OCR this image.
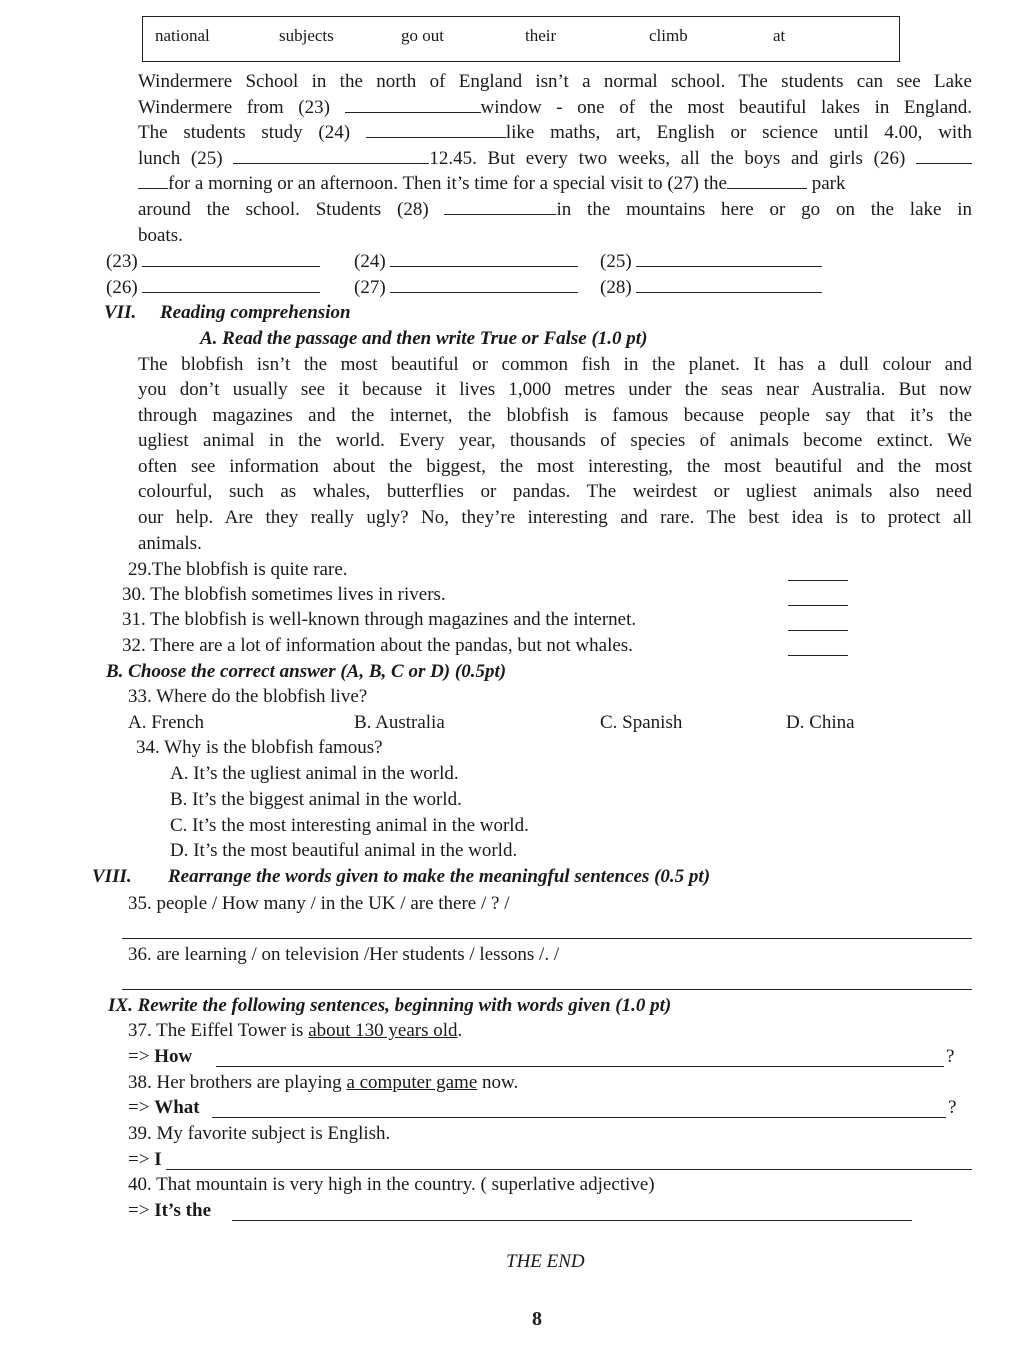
national	subjects	go out	their	climb	at
Windermere School in the north of England isn’t a normal school. The students can see Lake
Windermere from (23)	window - one of the most beautiful lakes in England.
The students study (24)	like maths, art, English or science until 4.00, with
lunch (25)	12.45. But every two weeks, all the boys and girls (26)
for a morning or an afternoon. Then it’s time for a special visit to (27) the	park
around the school. Students (28)	in the mountains here or go on the lake in
boats.
(23)	(24)	(25)
(26)	(27)	(28)
VII. Reading comprehension
A. Read the passage and then write True or False (1.0 pt)
The blobfish isn’t the most beautiful or common fish in the planet. It has a dull colour and
you don’t usually see it because it lives 1,000 metres under the seas near Australia. But now
through magazines and the internet, the blobfish is famous because people say that it’s the
ugliest animal in the world. Every year, thousands of species of animals become extinct. We
often see information about the biggest, the most interesting, the most beautiful and the most
colourful, such as whales, butterflies or pandas. The weirdest or ugliest animals also need
our help. Are they really ugly? No, they’re interesting and rare. The best idea is to protect all
animals.
29.The blobfish is quite rare.
30. The blobfish sometimes lives in rivers.
31. The blobfish is well-known through magazines and the internet.
32. There are a lot of information about the pandas, but not whales.
B. Choose the correct answer (A, B, C or D) (0.5pt)
33. Where do the blobfish live?
A. French	B. Australia	C. Spanish	D. China
34. Why is the blobfish famous?
A. It’s the ugliest animal in the world.
B. It’s the biggest animal in the world.
C. It’s the most interesting animal in the world.
D. It’s the most beautiful animal in the world.
VIII. Rearrange the words given to make the meaningful sentences (0.5 pt)
35. people / How many / in the UK / are there / ? /
36. are learning / on television /Her students / lessons /. /
IX. Rewrite the following sentences, beginning with words given (1.0 pt)
37. The Eiffel Tower is about 130 years old.
=> How	?
38. Her brothers are playing a computer game now.
=> What	?
39. My favorite subject is English.
=> I
40. That mountain is very high in the country. ( superlative adjective)
=> It’s the
THE END
8
